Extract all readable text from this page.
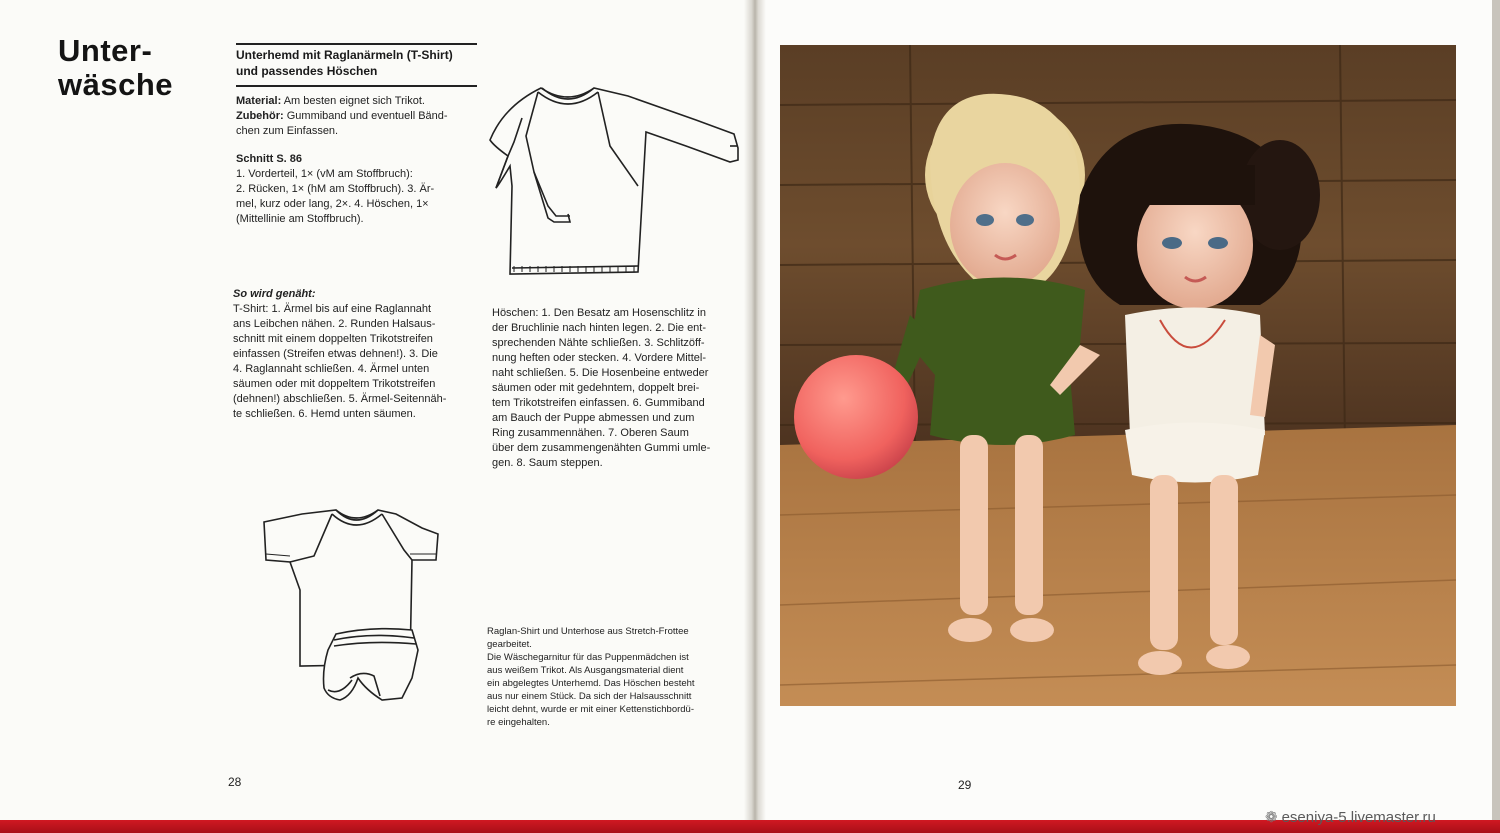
Unter-
wäsche
Unterhemd mit Raglanärmeln (T-Shirt)
und passendes Höschen

Material: Am besten eignet sich Trikot.

Zubehör: Gummiband und eventuell Bänd-

chen zum Einfassen.

Schnitt S. 86

1. Vorderteil, 1× (vM am Stoffbruch):

2. Rücken, 1× (hM am Stoffbruch). 3. Är-

mel, kurz oder lang, 2×. 4. Höschen, 1×

(Mittellinie am Stoffbruch).

So wird genäht:

T-Shirt: 1. Ärmel bis auf eine Raglannaht

ans Leibchen nähen. 2. Runden Halsaus-

schnitt mit einem doppelten Trikotstreifen

einfassen (Streifen etwas dehnen!). 3. Die

4. Raglannaht schließen. 4. Ärmel unten

säumen oder mit doppeltem Trikotstreifen

(dehnen!) abschließen. 5. Ärmel-Seitennäh-

te schließen. 6. Hemd unten säumen.

Höschen: 1. Den Besatz am Hosenschlitz in

der Bruchlinie nach hinten legen. 2. Die ent-

sprechenden Nähte schließen. 3. Schlitzöff-

nung heften oder stecken. 4. Vordere Mittel-

naht schließen. 5. Die Hosenbeine entweder

säumen oder mit gedehntem, doppelt brei-

tem Trikotstreifen einfassen. 6. Gummiband

am Bauch der Puppe abmessen und zum

Ring zusammennähen. 7. Oberen Saum

über dem zusammengenähten Gummi umle-

gen. 8. Saum steppen.

Raglan-Shirt und Unterhose aus Stretch-Frottee
gearbeitet.
Die Wäschegarnitur für das Puppenmädchen ist
aus weißem Trikot. Als Ausgangsmaterial dient
ein abgelegtes Unterhemd. Das Höschen besteht
aus nur einem Stück. Da sich der Halsausschnitt
leicht dehnt, wurde er mit einer Kettenstichbordü-
re eingehalten.
28	29
❁ eseniya-5.livemaster.ru
